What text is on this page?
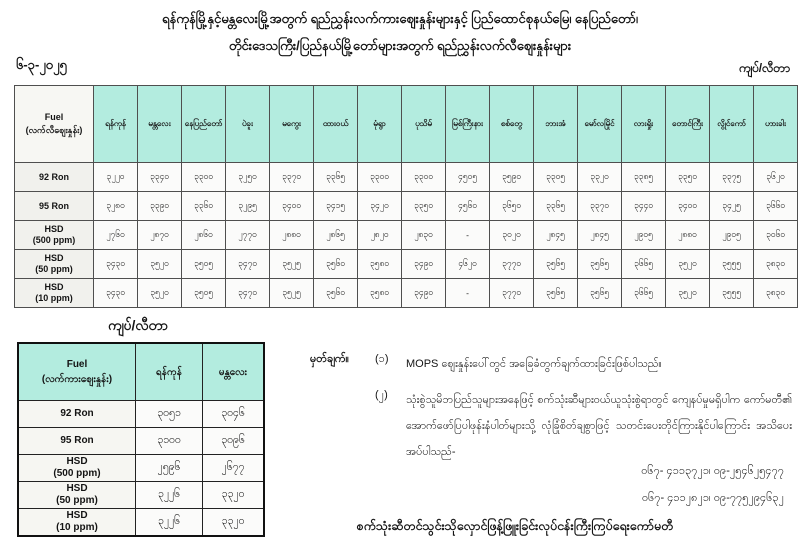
ရန်ကုန်မြို့နှင့်မန္တလေးမြို့အတွက် ရည်ညွှန်းလက်ကားဈေးနှုန်းများနှင့် ပြည်ထောင်စုနယ်မြေ၊ နေပြည်တော်၊
တိုင်းဒေသကြီး/ပြည်နယ်မြို့တော်များအတွက် ရည်ညွှန်းလက်လီဈေးနှုန်းများ
၆-၃-၂၀၂၅	ကျပ်/လီတာ
Fuel
(လက်လီဈေးနှုန်း)	ရန်ကုန်	မန္တလေး	နေပြည်တော်	ပဲခူး	မကွေး	ထားဝယ်	မုံရွာ	ပုသိမ်	မြစ်ကြီးနား	စစ်တွေ	ဘားအံ	မော်လမြိုင်	လားရှိုး	တောင်ကြီး	လွိုင်ကော်	ဟားခါး

92 Ron	၃၂၂၀	၃၃၄၀	၃၃၀၀	၃၂၅၀	၃၃၇၀	၃၃၆၅	၃၃၀၀	၃၃၀၀	၄၅၀၅	၃၅၉၀	၃၃၀၅	၃၃၂၀	၃၃၈၅	၃၃၅၀	၃၃၇၅	၃၆၂၀

95 Ron	၃၂၈၀	၃၃၉၀	၃၃၆၀	၃၂၉၅	၃၄၀၀	၃၄၁၅	၃၄၂၀	၃၃၅၀	၄၅၆၀	၃၆၅၀	၃၃၆၅	၃၃၇၀	၃၄၄၀	၃၄၀၀	၃၄၂၅	၃၆၆၀

HSD
(500 ppm)	၂၇၆၀	၂၈၇၀	၂၈၆၀	၂၇၇၀	၂၈၈၀	၂၈၆၅	၂၈၂၀	၂၈၃၀	-	၃၀၂၀	၂၈၄၅	၂၈၄၅	၂၉၀၅	၂၈၈၀	၂၉၀၅	၃၀၆၀

HSD
(50 ppm)	၃၄၃၀	၃၅၂၀	၃၅၀၅	၃၄၇၀	၃၅၂၅	၃၅၆၀	၃၅၈၀	၃၄၉၀	၄၆၂၀	၃၇၇၀	၃၅၆၅	၃၅၆၅	၃၆၆၅	၃၅၂၀	၃၅၅၅	၃၈၃၀

HSD
(10 ppm)	၃၄၃၀	၃၅၂၀	၃၅၀၅	၃၄၇၀	၃၅၂၅	၃၅၆၀	၃၅၈၀	၃၄၉၀	-	၃၇၇၀	၃၅၆၅	၃၅၆၅	၃၆၆၅	၃၅၂၀	၃၅၅၅	၃၈၃၀
ကျပ်/လီတာ
Fuel
(လက်ကားဈေးနှုန်း)	ရန်ကုန်	မန္တလေး

92 Ron	၃၀၅၁	၃၀၄၆

95 Ron	၃၁၀၀	၃၀၉၆

HSD
(500 ppm)	၂၅၉၆	၂၆၇၇

HSD
(50 ppm)	၃၂၂၆	၃၃၂၀

HSD
(10 ppm)	၃၂၂၆	၃၃၂၀
မှတ်ချက်။	(၁)	MOPS ဈေးနှုန်းပေါ်တွင် အခြေခံတွက်ချက်ထားခြင်းဖြစ်ပါသည်။
(၂)	သုံးစွဲသူမိဘပြည်သူများအနေဖြင့် စက်သုံးဆီများဝယ်ယူသုံးစွဲရာတွင် ကျေနပ်မှုမရှိပါက ကော်မတီ၏ အောက်ဖော်ပြပါဖုန်းနံပါတ်များသို့ လုံခြုံစိတ်ချစွာဖြင့် သတင်းပေးတိုင်ကြားနိုင်ပါကြောင်း အသိပေးအပ်ပါသည်-
ဝ၆၇- ၄၁၁၃၇၂၁၊ ဝ၉-၂၅၄၆၂၅၄၇၇
ဝ၆၇- ၄၁၁၂၈၂၁၊ ဝ၉-၇၇၅၂၉၄၆၃၂
စက်သုံးဆီတင်သွင်းသိုလှောင်ဖြန့်ဖြူးခြင်းလုပ်ငန်းကြီးကြပ်ရေးကော်မတီ
